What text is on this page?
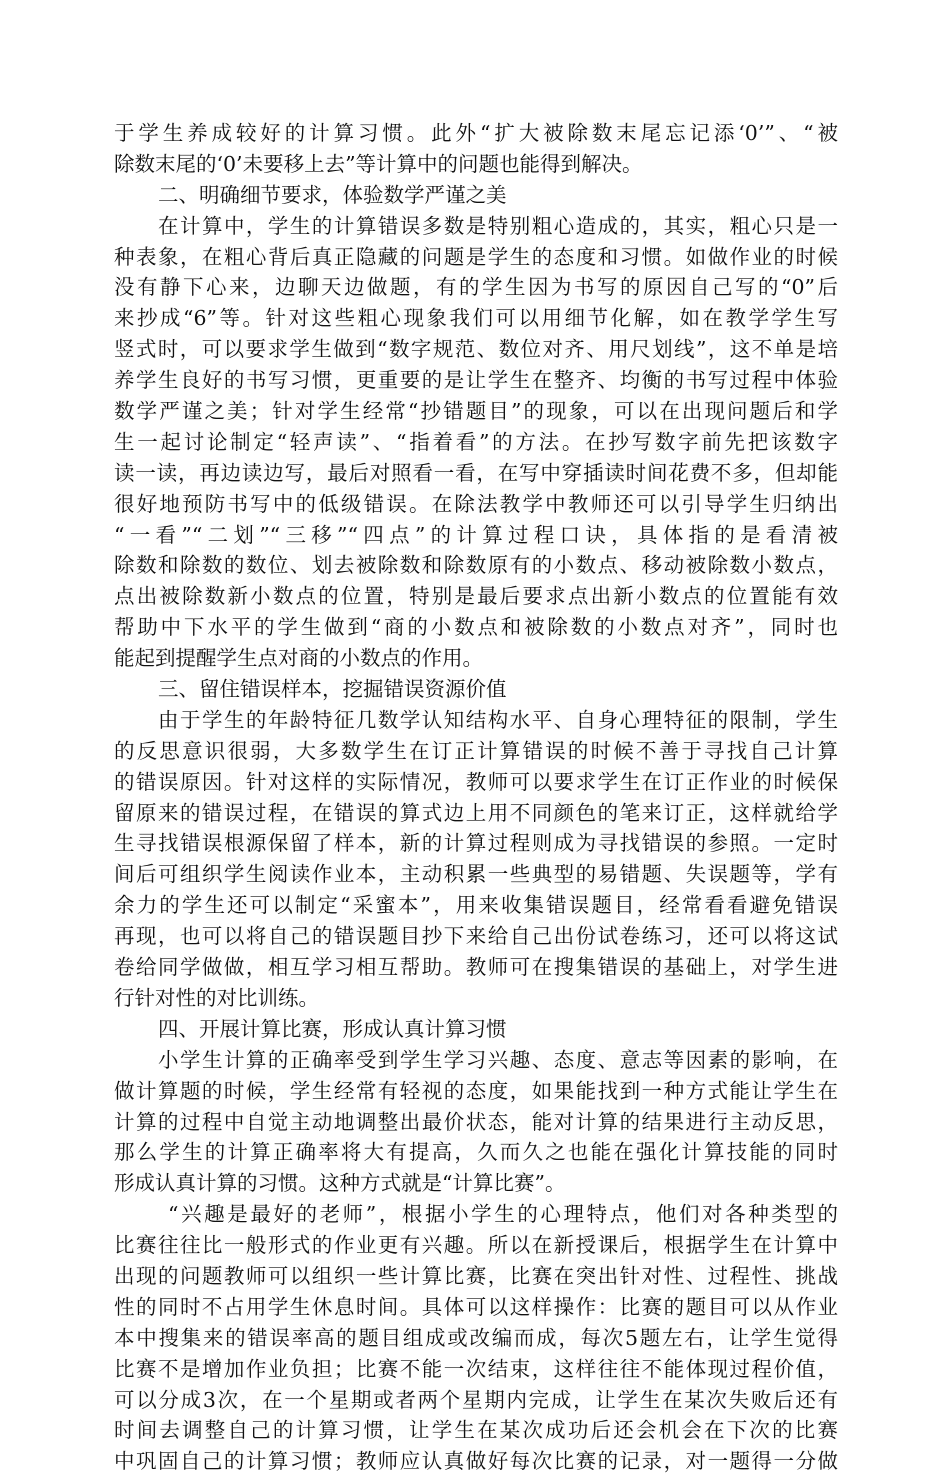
于学生养成较好的计算习惯。此外“扩大被除数末尾忘记添‘0’”、“被
除数末尾的‘0’未要移上去”等计算中的问题也能得到解决。
二、明确细节要求，体验数学严谨之美
在计算中，学生的计算错误多数是特别粗心造成的，其实，粗心只是一
种表象，在粗心背后真正隐藏的问题是学生的态度和习惯。如做作业的时候
没有静下心来，边聊天边做题，有的学生因为书写的原因自己写的“0”后
来抄成“6”等。针对这些粗心现象我们可以用细节化解，如在教学学生写
竖式时，可以要求学生做到“数字规范、数位对齐、用尺划线”，这不单是培
养学生良好的书写习惯，更重要的是让学生在整齐、均衡的书写过程中体验
数学严谨之美；针对学生经常“抄错题目”的现象，可以在出现问题后和学
生一起讨论制定“轻声读”、“指着看”的方法。在抄写数字前先把该数字
读一读，再边读边写，最后对照看一看，在写中穿插读时间花费不多，但却能
很好地预防书写中的低级错误。在除法教学中教师还可以引导学生归纳出
“一看”“二划”“三移”“四点”的计算过程口诀，具体指的是看清被
除数和除数的数位、划去被除数和除数原有的小数点、移动被除数小数点，
点出被除数新小数点的位置，特别是最后要求点出新小数点的位置能有效
帮助中下水平的学生做到“商的小数点和被除数的小数点对齐”，同时也
能起到提醒学生点对商的小数点的作用。
三、留住错误样本，挖掘错误资源价值
由于学生的年龄特征几数学认知结构水平、自身心理特征的限制，学生
的反思意识很弱，大多数学生在订正计算错误的时候不善于寻找自己计算
的错误原因。针对这样的实际情况，教师可以要求学生在订正作业的时候保
留原来的错误过程，在错误的算式边上用不同颜色的笔来订正，这样就给学
生寻找错误根源保留了样本，新的计算过程则成为寻找错误的参照。一定时
间后可组织学生阅读作业本，主动积累一些典型的易错题、失误题等，学有
余力的学生还可以制定“采蜜本”，用来收集错误题目，经常看看避免错误
再现，也可以将自己的错误题目抄下来给自己出份试卷练习，还可以将这试
卷给同学做做，相互学习相互帮助。教师可在搜集错误的基础上，对学生进
行针对性的对比训练。
四、开展计算比赛，形成认真计算习惯
小学生计算的正确率受到学生学习兴趣、态度、意志等因素的影响，在
做计算题的时候，学生经常有轻视的态度，如果能找到一种方式能让学生在
计算的过程中自觉主动地调整出最价状态，能对计算的结果进行主动反思，
那么学生的计算正确率将大有提高，久而久之也能在强化计算技能的同时
形成认真计算的习惯。这种方式就是“计算比赛”。
“兴趣是最好的老师”，根据小学生的心理特点，他们对各种类型的
比赛往往比一般形式的作业更有兴趣。所以在新授课后，根据学生在计算中
出现的问题教师可以组织一些计算比赛，比赛在突出针对性、过程性、挑战
性的同时不占用学生休息时间。具体可以这样操作：比赛的题目可以从作业
本中搜集来的错误率高的题目组成或改编而成，每次5题左右，让学生觉得
比赛不是增加作业负担；比赛不能一次结束，这样往往不能体现过程价值，
可以分成3次，在一个星期或者两个星期内完成，让学生在某次失败后还有
时间去调整自己的计算习惯，让学生在某次成功后还会机会在下次的比赛
中巩固自己的计算习惯；教师应认真做好每次比赛的记录，对一题得一分做
